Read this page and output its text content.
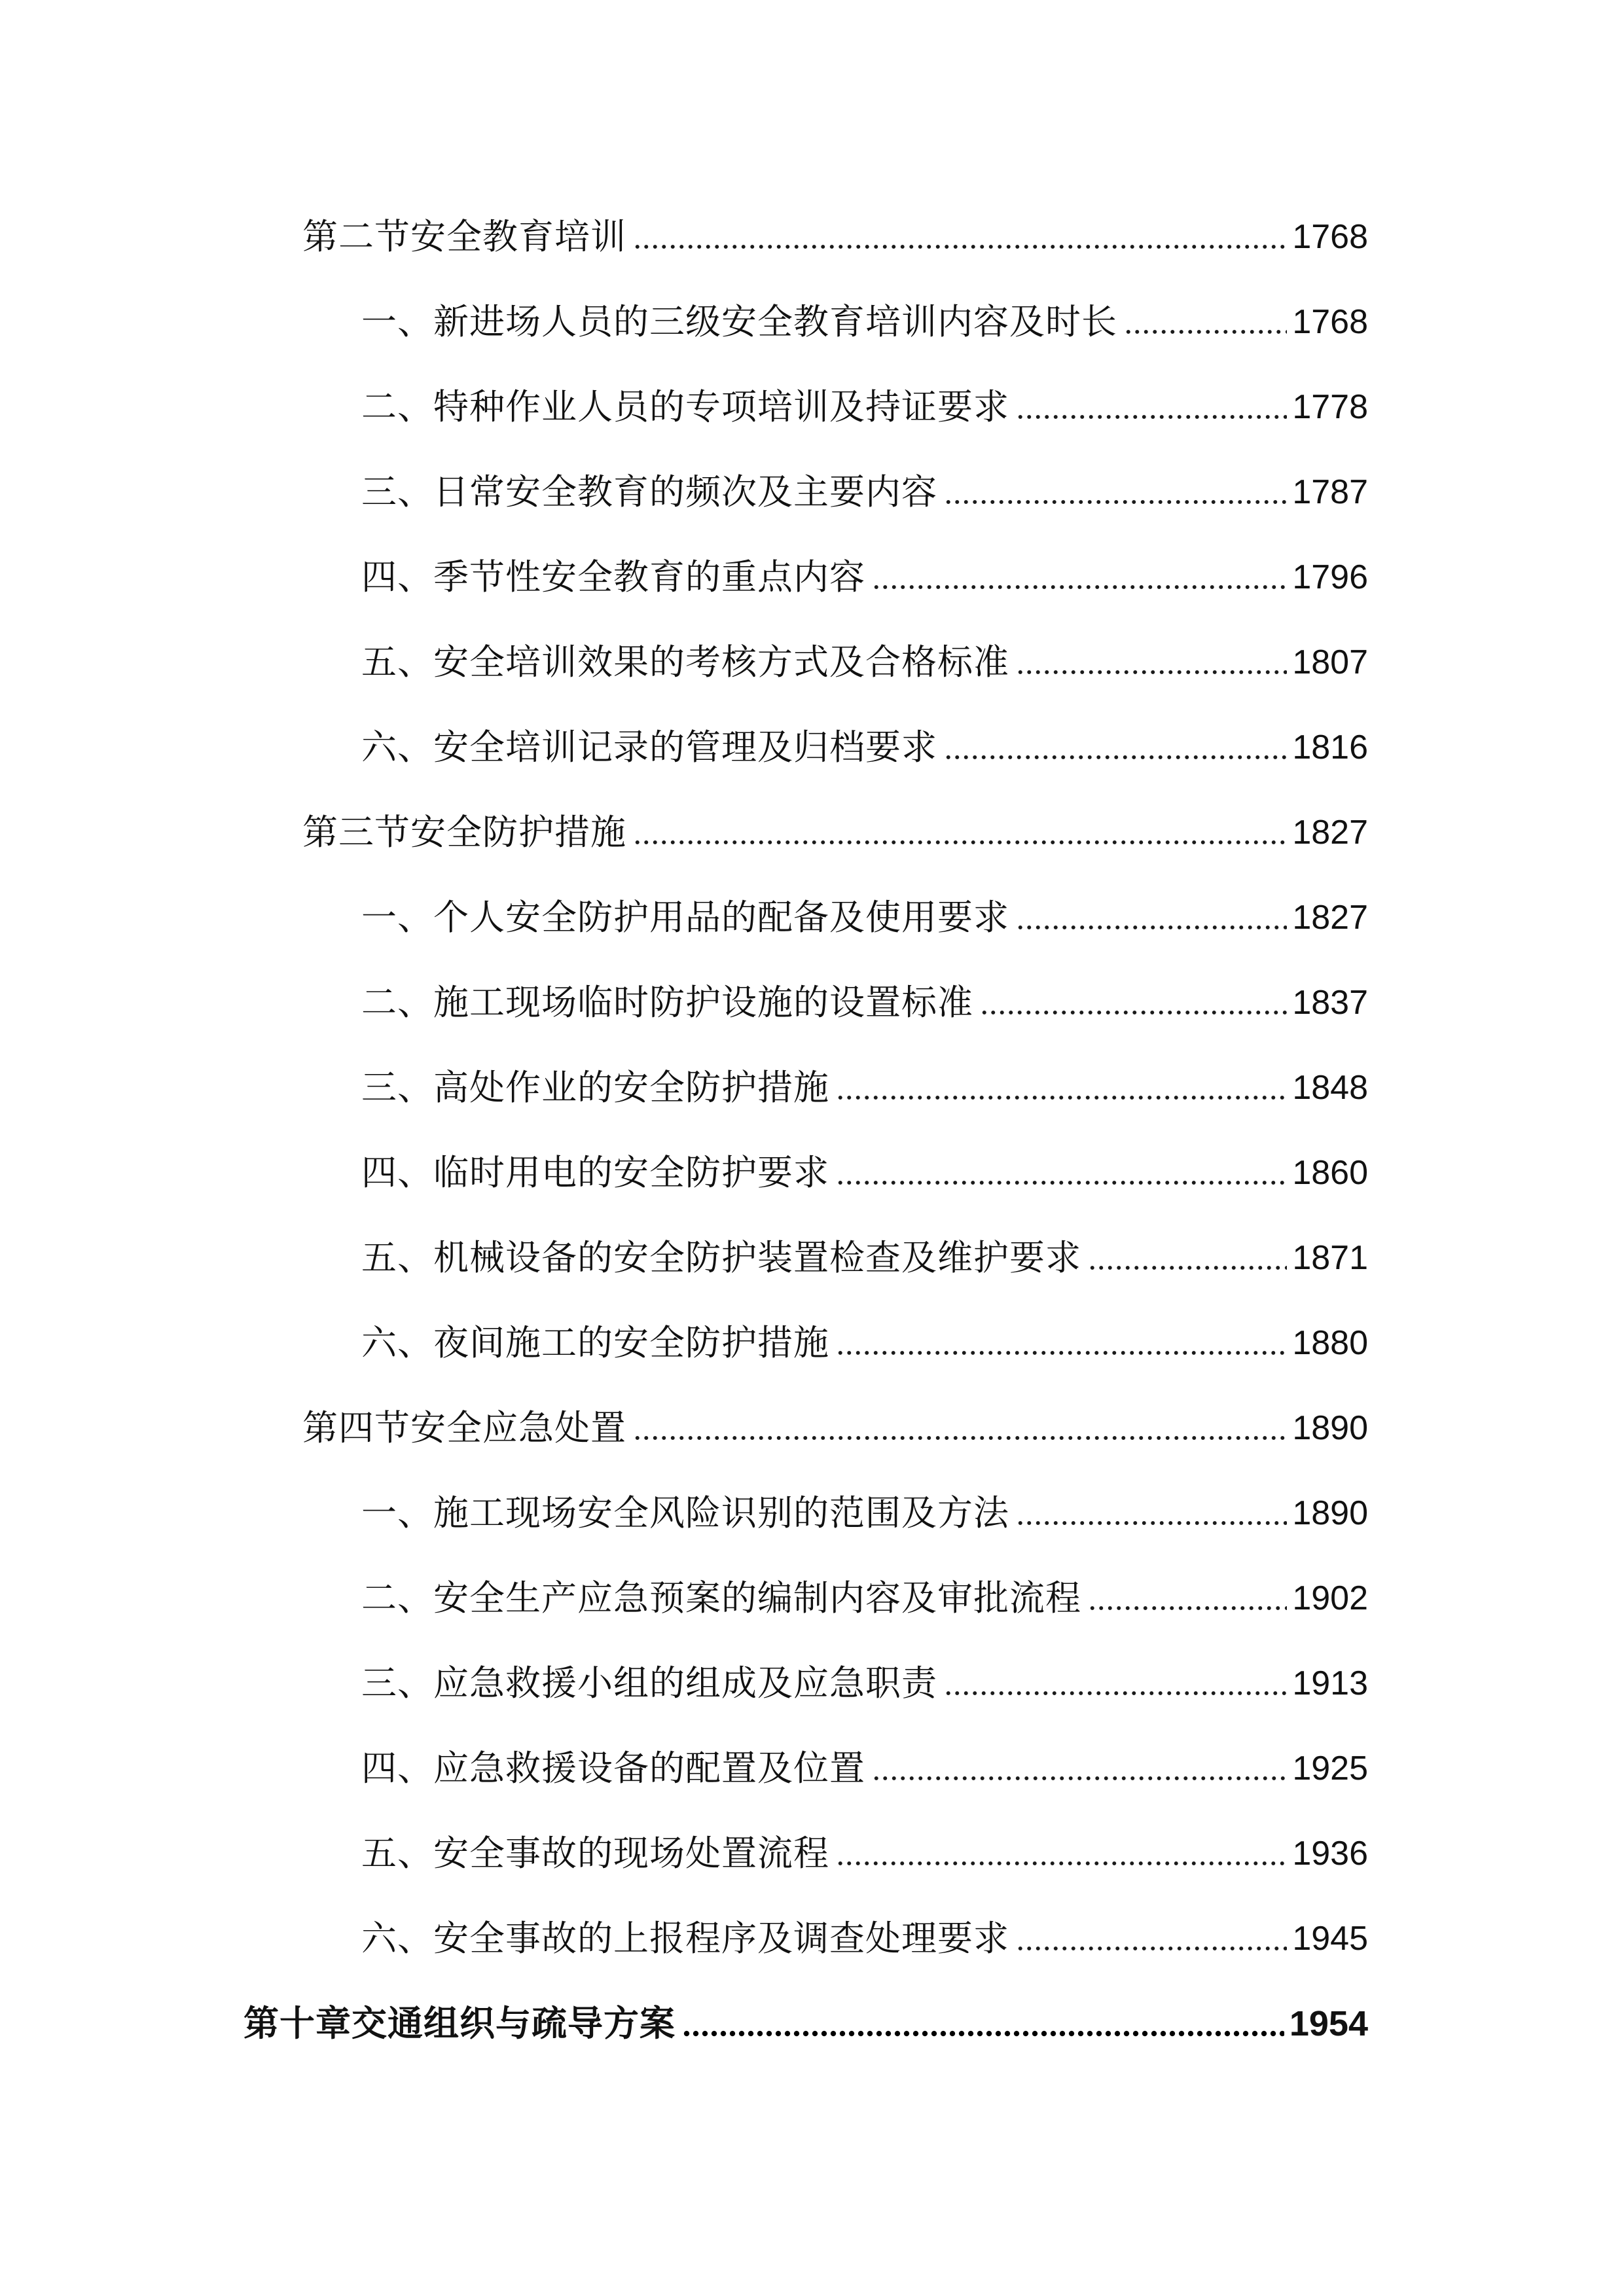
第二节安全教育培训	1768
一、新进场人员的三级安全教育培训内容及时长	1768
二、特种作业人员的专项培训及持证要求	1778
三、日常安全教育的频次及主要内容	1787
四、季节性安全教育的重点内容	1796
五、安全培训效果的考核方式及合格标准	1807
六、安全培训记录的管理及归档要求	1816
第三节安全防护措施	1827
一、个人安全防护用品的配备及使用要求	1827
二、施工现场临时防护设施的设置标准	1837
三、高处作业的安全防护措施	1848
四、临时用电的安全防护要求	1860
五、机械设备的安全防护装置检查及维护要求	1871
六、夜间施工的安全防护措施	1880
第四节安全应急处置	1890
一、施工现场安全风险识别的范围及方法	1890
二、安全生产应急预案的编制内容及审批流程	1902
三、应急救援小组的组成及应急职责	1913
四、应急救援设备的配置及位置	1925
五、安全事故的现场处置流程	1936
六、安全事故的上报程序及调查处理要求	1945
第十章交通组织与疏导方案	1954
